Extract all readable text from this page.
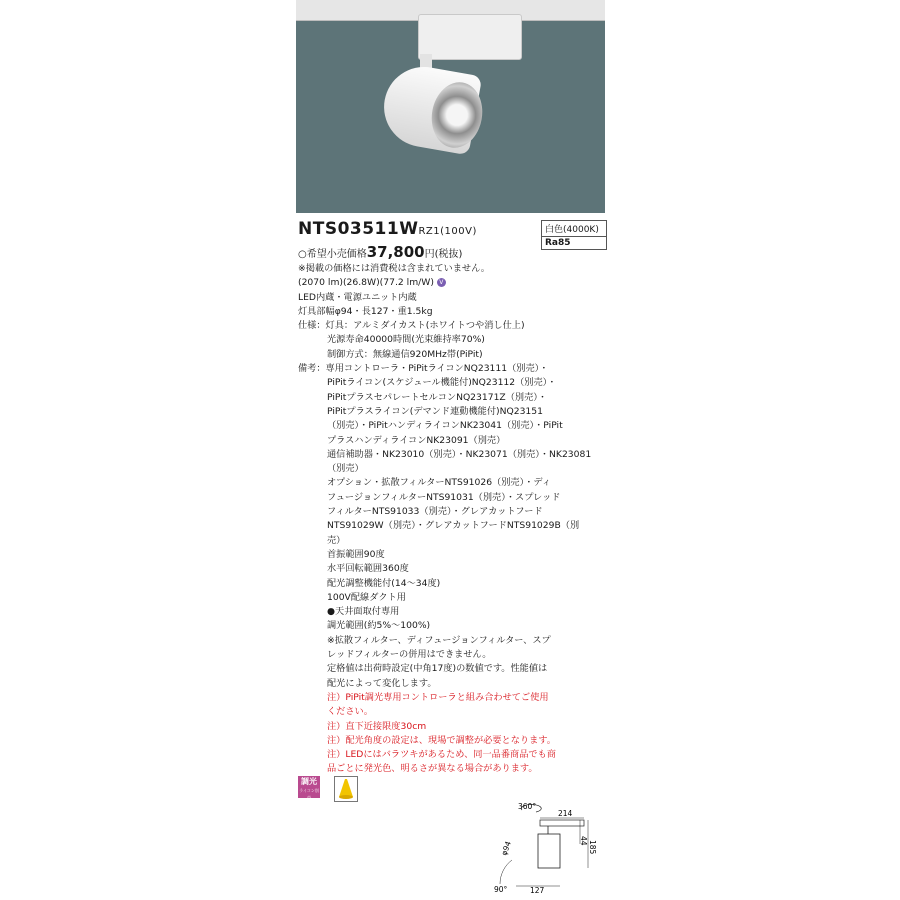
NTS03511WRZ1(100V)	白色(4000K)
Ra85
○希望小売価格37,800円(税抜)
※掲載の価格には消費税は含まれていません。
(2070 lm)(26.8W)(77.2 lm/W) V
LED内蔵・電源ユニット内蔵
灯具部幅φ94・長127・重1.5kg
仕様：灯具：アルミダイカスト(ホワイトつや消し仕上)
光源寿命40000時間(光束維持率70%)
制御方式：無線通信920MHz帯(PiPit)
備考：専用コントローラ・PiPitライコンNQ23111（別売）・
PiPitライコン(スケジュール機能付)NQ23112（別売）・
PiPitプラスセパレートセルコンNQ23171Z（別売）・
PiPitプラスライコン(デマンド連動機能付)NQ23151
（別売）・PiPitハンディライコンNK23041（別売）・PiPit
プラスハンディライコンNK23091（別売）
通信補助器・NK23010（別売）・NK23071（別売）・NK23081
（別売）
オプション・拡散フィルターNTS91026（別売）・ディ
フュージョンフィルターNTS91031（別売）・スプレッド
フィルターNTS91033（別売）・グレアカットフード
NTS91029W（別売）・グレアカットフードNTS91029B（別
売）
首振範囲90度
水平回転範囲360度
配光調整機能付(14～34度)
100V配線ダクト用
●天井面取付専用
調光範囲(約5%～100%)
※拡散フィルター、ディフュージョンフィルター、スプ
レッドフィルターの併用はできません。
定格値は出荷時設定(中角17度)の数値です。性能値は
配光によって変化します。
注）PiPit調光専用コントローラと組み合わせてご使用
ください。
注）直下近接限度30cm
注）配光角度の設定は、現場で調整が必要となります。
注）LEDにはバラツキがあるため、同一品番商品でも商
品ごとに発光色、明るさが異なる場合があります。
調光
ライコン別売
360°
214
44 185
φ94
90°	127
